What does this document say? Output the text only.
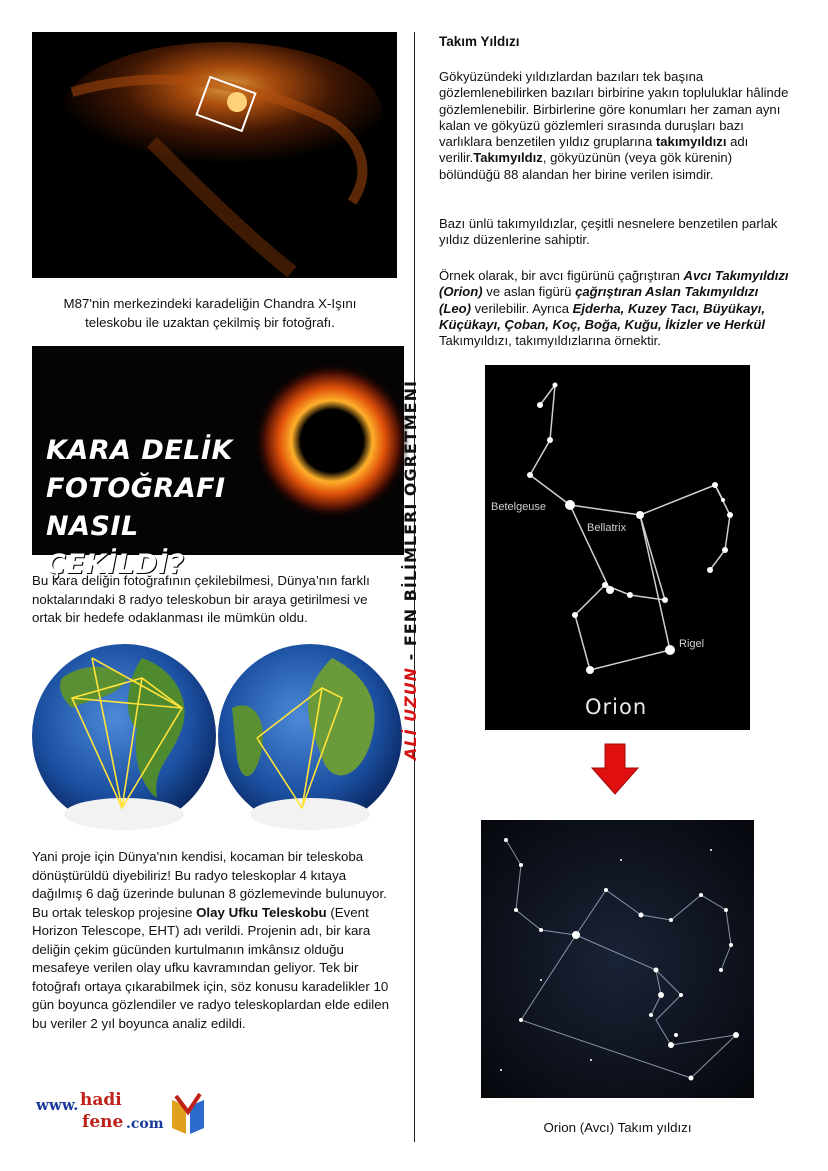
M87'nin merkezindeki karadeliğin Chandra X-Işını teleskobu ile uzaktan çekilmiş bir fotoğrafı.
KARA DELİK
FOTOĞRAFI
NASIL ÇEKİLDİ?
Bu kara deliğin fotoğrafının çekilebilmesi, Dünya’nın farklı noktalarındaki 8 radyo teleskobun bir araya getirilmesi ve ortak bir hedefe odaklanması ile mümkün oldu.
Yani proje için Dünya'nın kendisi, kocaman bir teleskoba dönüştürüldü diyebiliriz! Bu radyo teleskoplar 4 kıtaya dağılmış 6 dağ üzerinde bulunan 8 gözlemevinde bulunuyor. Bu ortak teleskop projesine Olay Ufku Teleskobu (Event Horizon Telescope, EHT) adı verildi. Projenin adı, bir kara deliğin çekim gücünden kurtulmanın imkânsız olduğu mesafeye verilen olay ufku kavramından geliyor. Tek bir fotoğrafı ortaya çıkarabilmek için, söz konusu karadelikler 10 gün boyunca gözlendiler ve radyo teleskoplardan elde edilen bu veriler 2 yıl boyunca analiz edildi.
ALİ UZUN - FEN BİLİMLERİ ÖĞRETMENİ
Takım Yıldızı
Gökyüzündeki yıldızlardan bazıları tek başına gözlemlenebilirken bazıları birbirine yakın topluluklar hâlinde gözlemlenebilir. Birbirlerine göre konumları her zaman aynı kalan ve gökyüzü gözlemleri sırasında duruşları bazı varlıklara benzetilen yıldız gruplarına takımyıldızı adı verilir.Takımyıldız, gökyüzünün (veya gök kürenin) bölündüğü 88 alandan her birine verilen isimdir.
Bazı ünlü takımyıldızlar, çeşitli nesnelere benzetilen parlak yıldız düzenlerine sahiptir.
Örnek olarak, bir avcı figürünü çağrıştıran Avcı Takımyıldızı (Orion) ve aslan figürü çağrıştıran Aslan Takımyıldızı (Leo) verilebilir. Ayrıca Ejderha, Kuzey Tacı, Büyükayı, Küçükayı, Çoban, Koç, Boğa, Kuğu, İkizler ve Herkül Takımyıldızı, takımyıldızlarına örnektir.
Betelgeuse
Bellatrix
Rigel
Orion
Orion (Avcı) Takım yıldızı
www. hadi
fene .com
